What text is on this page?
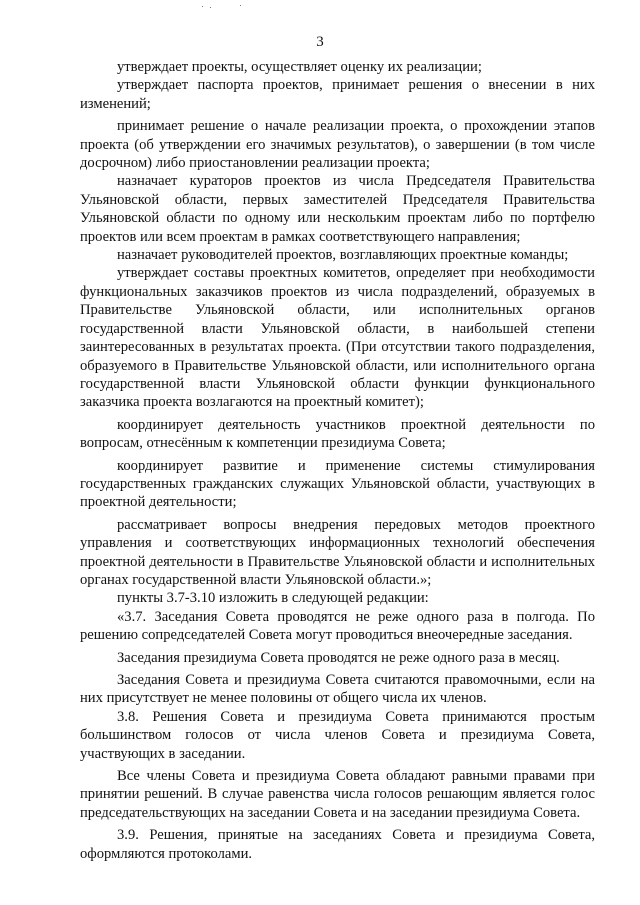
3

утверждает проекты, осуществляет оценку их реализации;

утверждает паспорта проектов, принимает решения о внесении в них изменений;

принимает решение о начале реализации проекта, о прохождении этапов проекта (об утверждении его значимых результатов), о завершении (в том числе досрочном) либо приостановлении реализации проекта;

назначает кураторов проектов из числа Председателя Правительства Ульяновской области, первых заместителей Председателя Правительства Ульяновской области по одному или нескольким проектам либо по портфелю проектов или всем проектам в рамках соответствующего направления;

назначает руководителей проектов, возглавляющих проектные команды;

утверждает составы проектных комитетов, определяет при необходимости функциональных заказчиков проектов из числа подразделений, образуемых в Правительстве Ульяновской области, или исполнительных органов государственной власти Ульяновской области, в наибольшей степени заинтересованных в результатах проекта. (При отсутствии такого подразделения, образуемого в Правительстве Ульяновской области, или исполнительного органа государственной власти Ульяновской области функции функционального заказчика проекта возлагаются на проектный комитет);

координирует деятельность участников проектной деятельности по вопросам, отнесённым к компетенции президиума Совета;

координирует развитие и применение системы стимулирования государственных гражданских служащих Ульяновской области, участвующих в проектной деятельности;

рассматривает вопросы внедрения передовых методов проектного управления и соответствующих информационных технологий обеспечения проектной деятельности в Правительстве Ульяновской области и исполнительных органах государственной власти Ульяновской области.»;

пункты 3.7-3.10 изложить в следующей редакции:

«3.7. Заседания Совета проводятся не реже одного раза в полгода. По решению сопредседателей Совета могут проводиться внеочередные заседания.

Заседания президиума Совета проводятся не реже одного раза в месяц.

Заседания Совета и президиума Совета считаются правомочными, если на них присутствует не менее половины от общего числа их членов.

3.8. Решения Совета и президиума Совета принимаются простым большинством голосов от числа членов Совета и президиума Совета, участвующих в заседании.

Все члены Совета и президиума Совета обладают равными правами при принятии решений. В случае равенства числа голосов решающим является голос председательствующих на заседании Совета и на заседании президиума Совета.

3.9. Решения, принятые на заседаниях Совета и президиума Совета, оформляются протоколами.
